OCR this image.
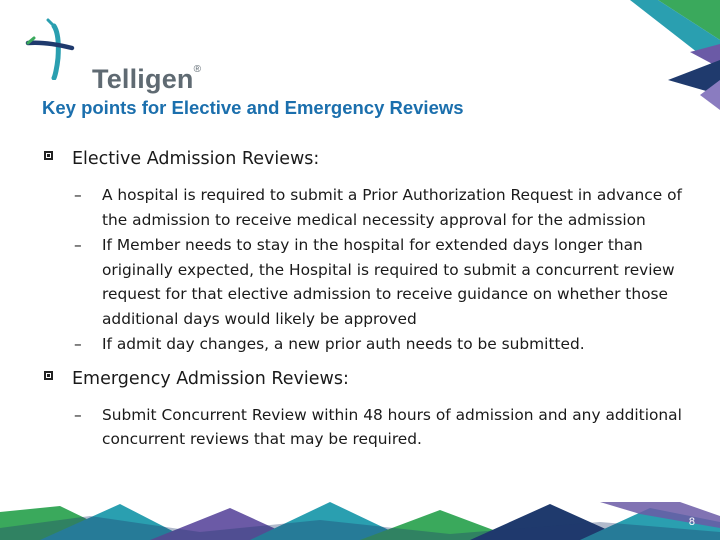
Telligen®
Key points for Elective and Emergency Reviews
Elective Admission Reviews:
– A hospital is required to submit a Prior Authorization Request in advance of the admission to receive medical necessity approval for the admission
– If Member needs to stay in the hospital for extended days longer than originally expected, the Hospital is required to submit a concurrent review request for that elective admission to receive guidance on whether those additional days would likely be approved
– If admit day changes, a new prior auth needs to be submitted.
Emergency Admission Reviews:
– Submit Concurrent Review within 48 hours of admission and any additional concurrent reviews that may be required.
8
